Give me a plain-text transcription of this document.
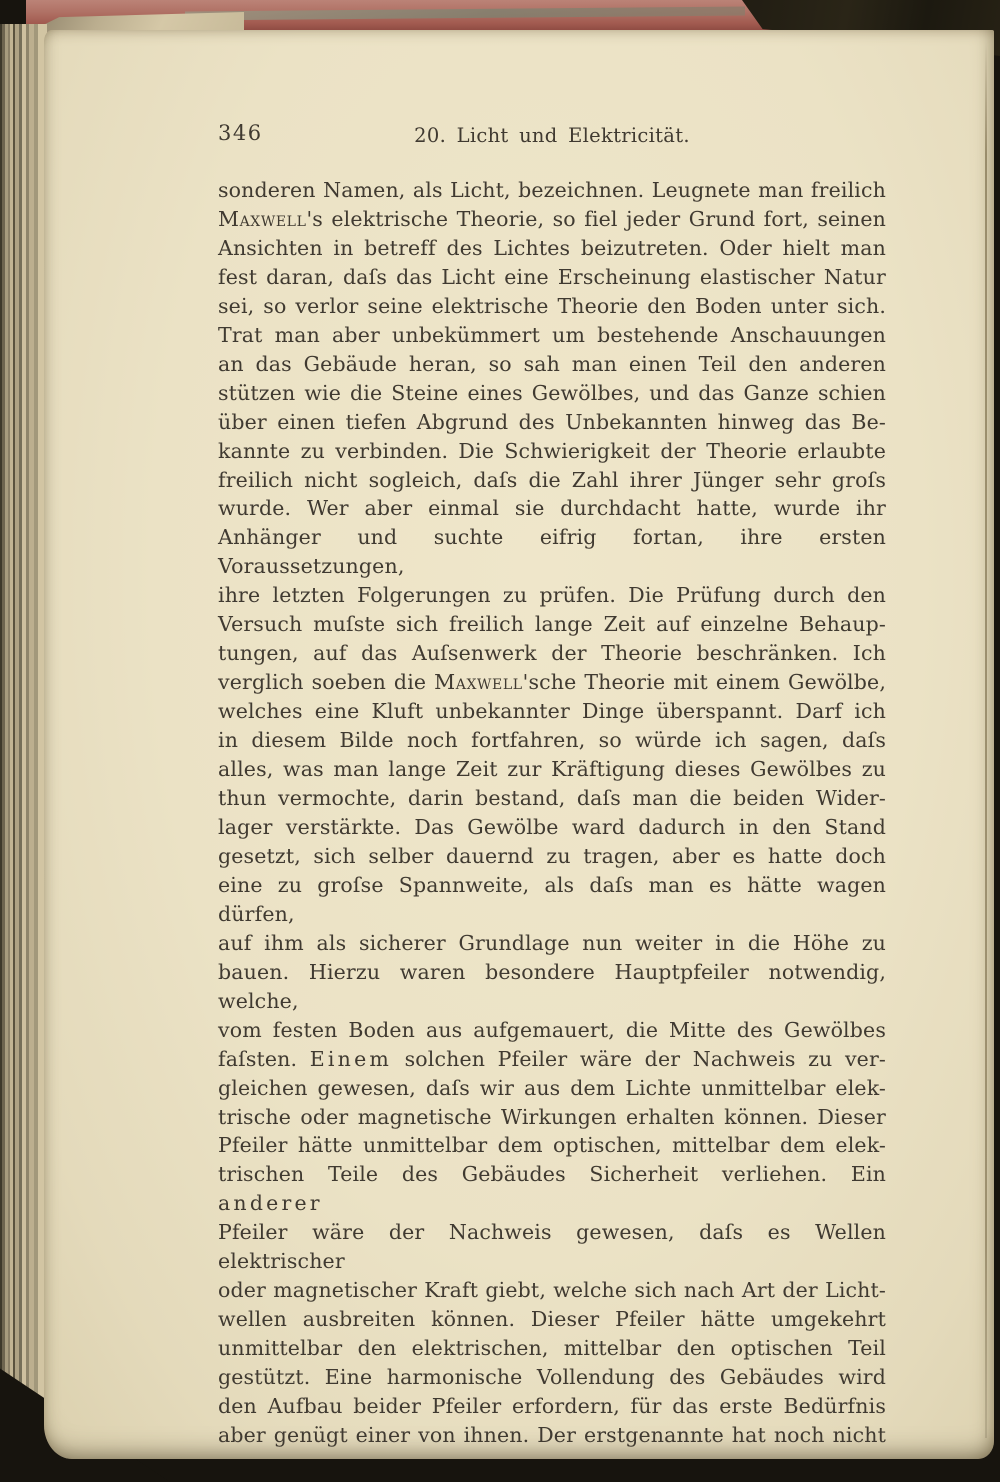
346	20. Licht und Elektricität.
sonderen Namen, als Licht, bezeichnen. Leugnete man freilich
Maxwell's elektrische Theorie, so fiel jeder Grund fort, seinen
Ansichten in betreff des Lichtes beizutreten. Oder hielt man
fest daran, daſs das Licht eine Erscheinung elastischer Natur
sei, so verlor seine elektrische Theorie den Boden unter sich.
Trat man aber unbekümmert um bestehende Anschauungen
an das Gebäude heran, so sah man einen Teil den anderen
stützen wie die Steine eines Gewölbes, und das Ganze schien
über einen tiefen Abgrund des Unbekannten hinweg das Be-
kannte zu verbinden. Die Schwierigkeit der Theorie erlaubte
freilich nicht sogleich, daſs die Zahl ihrer Jünger sehr groſs
wurde. Wer aber einmal sie durchdacht hatte, wurde ihr
Anhänger und suchte eifrig fortan, ihre ersten Voraussetzungen,
ihre letzten Folgerungen zu prüfen. Die Prüfung durch den
Versuch muſste sich freilich lange Zeit auf einzelne Behaup-
tungen, auf das Auſsenwerk der Theorie beschränken. Ich
verglich soeben die Maxwell'sche Theorie mit einem Gewölbe,
welches eine Kluft unbekannter Dinge überspannt. Darf ich
in diesem Bilde noch fortfahren, so würde ich sagen, daſs
alles, was man lange Zeit zur Kräftigung dieses Gewölbes zu
thun vermochte, darin bestand, daſs man die beiden Wider-
lager verstärkte. Das Gewölbe ward dadurch in den Stand
gesetzt, sich selber dauernd zu tragen, aber es hatte doch
eine zu groſse Spannweite, als daſs man es hätte wagen dürfen,
auf ihm als sicherer Grundlage nun weiter in die Höhe zu
bauen. Hierzu waren besondere Hauptpfeiler notwendig, welche,
vom festen Boden aus aufgemauert, die Mitte des Gewölbes
faſsten. Einem solchen Pfeiler wäre der Nachweis zu ver-
gleichen gewesen, daſs wir aus dem Lichte unmittelbar elek-
trische oder magnetische Wirkungen erhalten können. Dieser
Pfeiler hätte unmittelbar dem optischen, mittelbar dem elek-
trischen Teile des Gebäudes Sicherheit verliehen. Ein anderer
Pfeiler wäre der Nachweis gewesen, daſs es Wellen elektrischer
oder magnetischer Kraft giebt, welche sich nach Art der Licht-
wellen ausbreiten können. Dieser Pfeiler hätte umgekehrt
unmittelbar den elektrischen, mittelbar den optischen Teil
gestützt. Eine harmonische Vollendung des Gebäudes wird
den Aufbau beider Pfeiler erfordern, für das erste Bedürfnis
aber genügt einer von ihnen. Der erstgenannte hat noch nicht
